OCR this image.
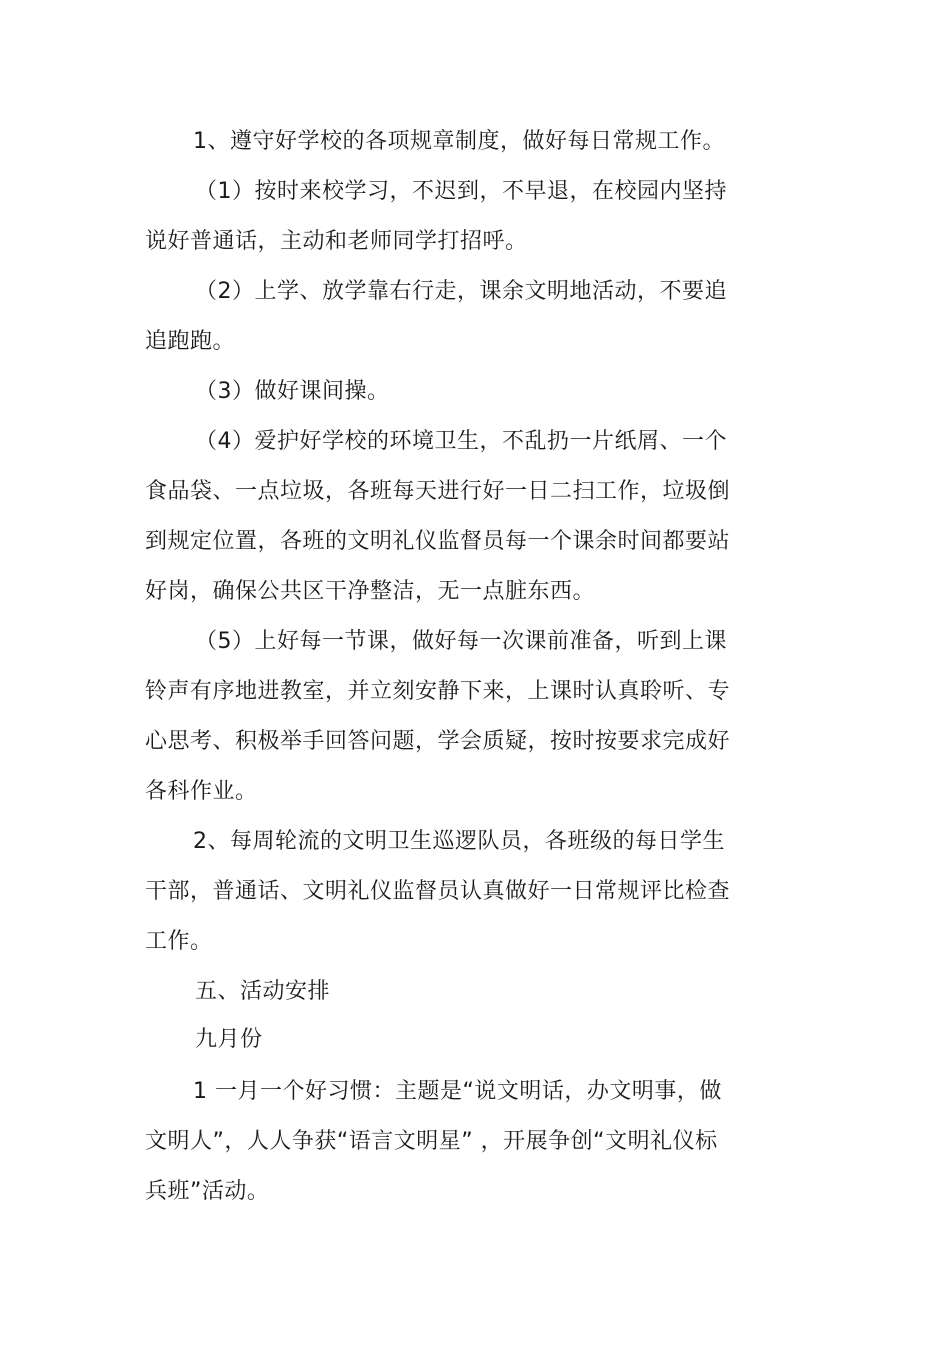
1、遵守好学校的各项规章制度，做好每日常规工作。
（1）按时来校学习，不迟到，不早退，在校园内坚持
说好普通话，主动和老师同学打招呼。
（2）上学、放学靠右行走，课余文明地活动，不要追
追跑跑。
（3）做好课间操。
（4）爱护好学校的环境卫生，不乱扔一片纸屑、一个
食品袋、一点垃圾，各班每天进行好一日二扫工作，垃圾倒
到规定位置，各班的文明礼仪监督员每一个课余时间都要站
好岗，确保公共区干净整洁，无一点脏东西。
（5）上好每一节课，做好每一次课前准备，听到上课
铃声有序地进教室，并立刻安静下来，上课时认真聆听、专
心思考、积极举手回答问题，学会质疑，按时按要求完成好
各科作业。
2、每周轮流的文明卫生巡逻队员，各班级的每日学生
干部，普通话、文明礼仪监督员认真做好一日常规评比检查
工作。
五、活动安排
九月份
1 一月一个好习惯：主题是“说文明话，办文明事，做
文明人”，人人争获“语言文明星” ，开展争创“文明礼仪标
兵班”活动。
